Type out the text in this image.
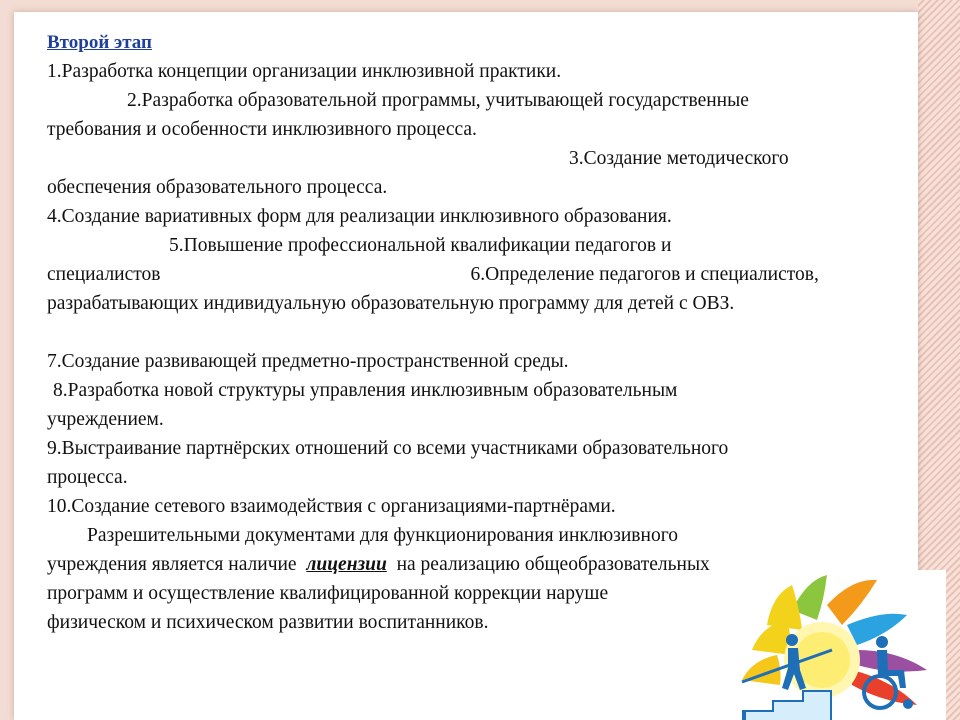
Второй этап
1.Разработка концепции организации инклюзивной практики.
2.Разработка образовательной программы, учитывающей государственные
требования и особенности инклюзивного процесса.
3.Создание методического
обеспечения образовательного процесса.
4.Создание вариативных форм для реализации инклюзивного образования.
5.Повышение профессиональной квалификации педагогов и
специалистов	6.Определение педагогов и специалистов,
разрабатывающих индивидуальную образовательную программу для детей с ОВЗ.
7.Создание развивающей предметно-пространственной среды.
8.Разработка новой структуры управления инклюзивным образовательным
учреждением.
9.Выстраивание партнёрских отношений со всеми участниками образовательного
процесса.
10.Создание сетевого взаимодействия с организациями-партнёрами.
Разрешительными документами для функционирования инклюзивного
учреждения является наличие лицензии на реализацию общеобразовательных
программ и осуществление квалифицированной коррекции наруше
физическом и психическом развитии воспитанников.
